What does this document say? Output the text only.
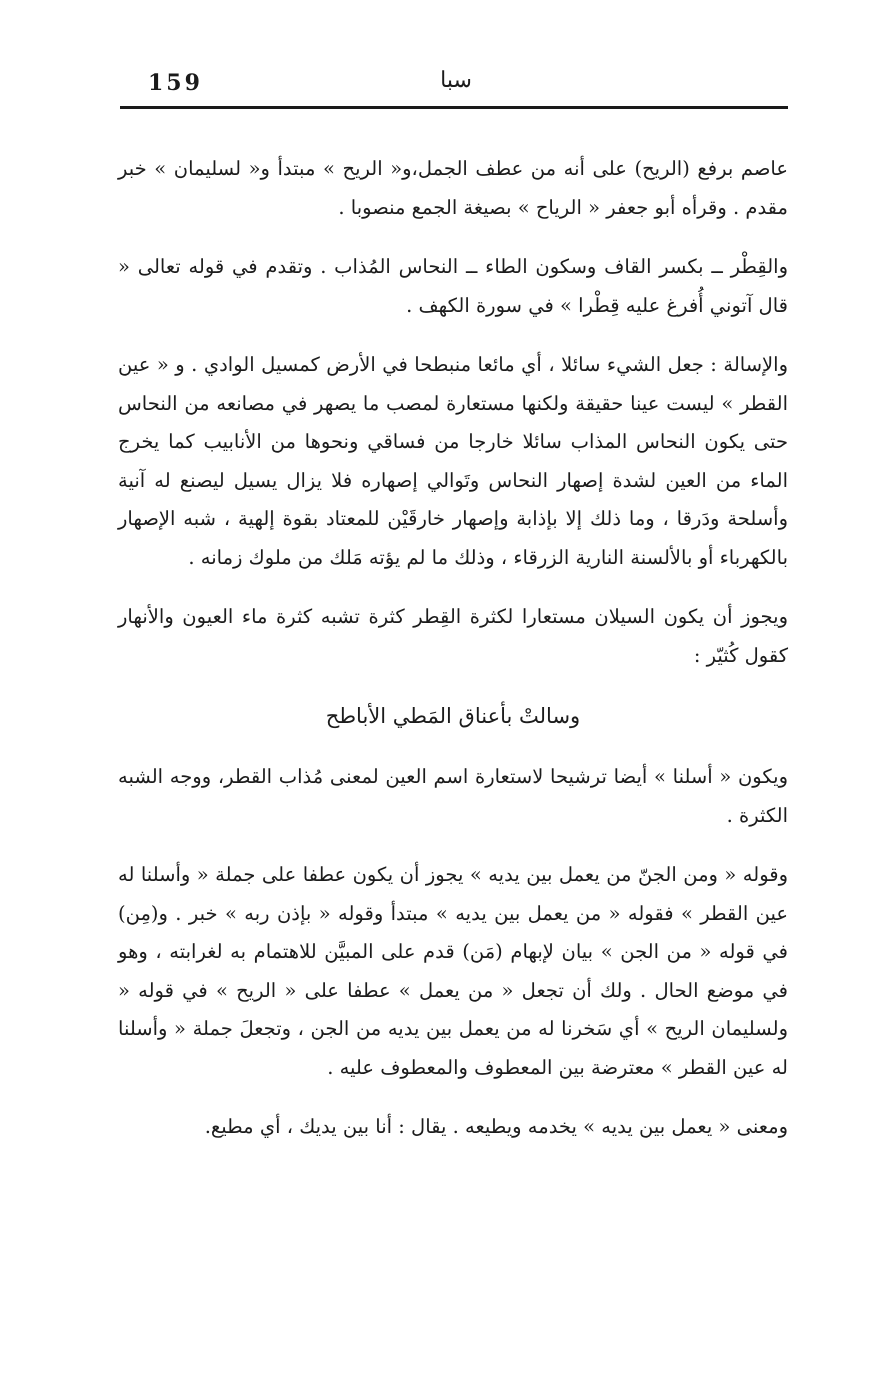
159	سبا

عاصم برفع (الريح) على أنه من عطف الجمل،و« الريح » مبتدأ و« لسليمان » خبر مقدم . وقرأه أبو جعفر « الرياح » بصيغة الجمع منصوبا .

والقِطْر ــ بكسر القاف وسكون الطاء ــ النحاس المُذاب . وتقدم في قوله تعالى « قال آتوني أُفرغ عليه قِطْرا » في سورة الكهف .

والإسالة : جعل الشيء سائلا ، أي مائعا منبطحا في الأرض كمسيل الوادي . و « عين القطر » ليست عينا حقيقة ولكنها مستعارة لمصب ما يصهر في مصانعه من النحاس حتى يكون النحاس المذاب سائلا خارجا من فساقي ونحوها من الأنابيب كما يخرج الماء من العين لشدة إصهار النحاس وتَوالي إصهاره فلا يزال يسيل ليصنع له آنية وأسلحة ودَرقا ، وما ذلك إلا بإذابة وإصهار خارقَيْن للمعتاد بقوة إلهية ، شبه الإصهار بالكهرباء أو بالألسنة النارية الزرقاء ، وذلك ما لم يؤته مَلك من ملوك زمانه .

ويجوز أن يكون السيلان مستعارا لكثرة القِطر كثرة تشبه كثرة ماء العيون والأنهار كقول كُثيّر :

وسالتْ بأعناق المَطي الأباطح

ويكون « أسلنا » أيضا ترشيحا لاستعارة اسم العين لمعنى مُذاب القطر، ووجه الشبه الكثرة .

وقوله « ومن الجنّ من يعمل بين يديه » يجوز أن يكون عطفا على جملة « وأسلنا له عين القطر » فقوله « من يعمل بين يديه » مبتدأ وقوله « بإذن ربه » خبر . و(مِن) في قوله « من الجن » بيان لإبهام (مَن) قدم على المبيَّن للاهتمام به لغرابته ، وهو في موضع الحال . ولك أن تجعل « من يعمل » عطفا على « الريح » في قوله « ولسليمان الريح » أي سَخرنا له من يعمل بين يديه من الجن ، وتجعلَ جملة « وأسلنا له عين القطر » معترضة بين المعطوف والمعطوف عليه .

ومعنى « يعمل بين يديه » يخدمه ويطيعه . يقال : أنا بين يديك ، أي مطيع.
